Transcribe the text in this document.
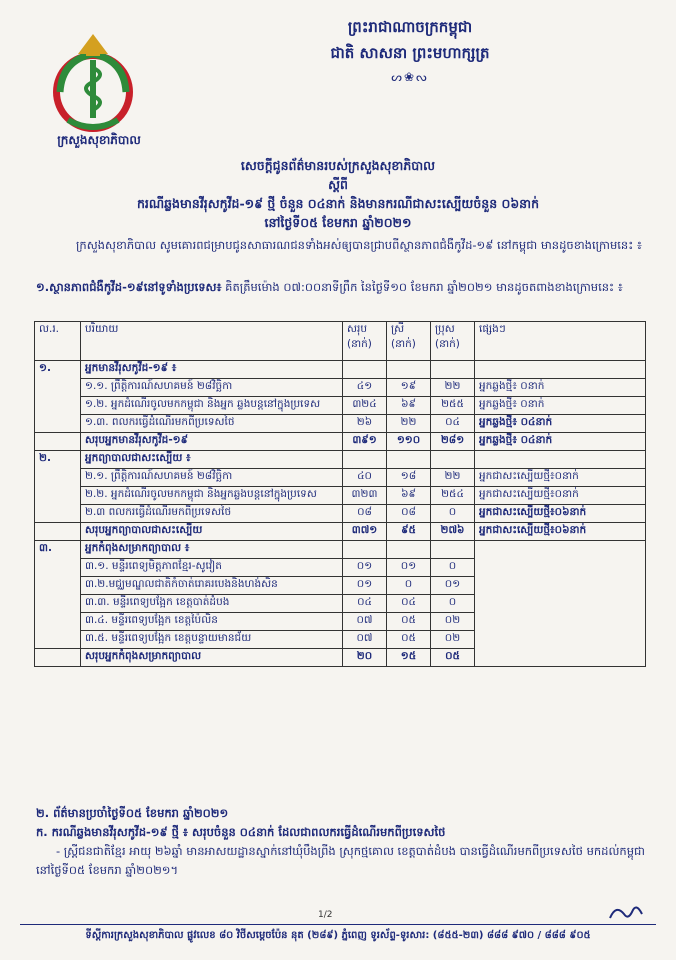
ក្រសួងសុខាភិបាល
ព្រះរាជាណាចក្រកម្ពុជា
ជាតិ សាសនា ព្រះមហាក្សត្រ
ᔕ❀ᔓ
សេចក្តីជូនព័ត៌មានរបស់ក្រសួងសុខាភិបាល
ស្តីពី
ករណីឆ្លងមានវីរុសកូវីដ-១៩ ថ្មី ចំនួន ០៤នាក់ និងមានករណីជាសះស្បើយចំនួន ០៦នាក់
នៅថ្ងៃទី០៥ ខែមករា ឆ្នាំ២០២១
ក្រសួងសុខាភិបាល សូមគោរពជម្រាបជូនសាធារណជនទាំងអស់ឲ្យបានជ្រាបពីស្ថានភាពជំងឺកូវីដ-១៩ នៅកម្ពុជា មានដូចខាងក្រោមនេះ ៖
១.ស្ថានភាពជំងឺកូវីដ-១៩នៅទូទាំងប្រទេស៖ គិតត្រឹមម៉ោង ០៧:០០នាទីព្រឹក នៃថ្ងៃទី១០ ខែមករា ឆ្នាំ២០២១ មានដូចតពាងខាងក្រោមនេះ ៖
ល.រ.	បរិយាយ	សរុប (នាក់)	ស្រី (នាក់)	ប្រុស (នាក់)	ផ្សេងៗ
១.	អ្នកមានវីរុសកូវីដ-១៩ ៖				
	១.១. ព្រឹត្តិការណ៍សហគមន៍ ២៨វិច្ឆិកា	៤១	១៩	២២	អ្នកឆ្លងថ្មី៖ ០នាក់
	១.២. អ្នកដំណើរចូលមកកម្ពុជា និងអ្នក ឆ្លងបន្តនៅក្នុងប្រទេស	៣២៤	៦៩	២៥៥	អ្នកឆ្លងថ្មី៖ ០នាក់
	១.៣. ពលករធ្វើដំណើរមកពីប្រទេសថៃ	២៦	២២	០៤	អ្នកឆ្លងថ្មី៖ ០៤នាក់
	សរុបអ្នកមានវីរុសកូវីដ-១៩	៣៩១	១១០	២៨១	អ្នកឆ្លងថ្មី៖ ០៤នាក់
២.	អ្នកព្យាបាលជាសះស្បើយ ៖				
	២.១. ព្រឹត្តិការណ៍សហគមន៍ ២៨វិច្ឆិកា	៤០	១៨	២២	អ្នកជាសះស្បើយថ្មី៖០នាក់
	២.២. អ្នកដំណើរចូលមកកម្ពុជា និងអ្នកឆ្លងបន្តនៅក្នុងប្រទេស	៣២៣	៦៩	២៥៤	អ្នកជាសះស្បើយថ្មី៖០នាក់
	២.៣ ពលករធ្វើដំណើរមកពីប្រទេសថៃ	០៨	០៨	០	អ្នកជាសះស្បើយថ្មី៖០៦នាក់
	សរុបអ្នកព្យាបាលជាសះស្បើយ	៣៧១	៩៥	២៧៦	អ្នកជាសះស្បើយថ្មី៖០៦នាក់
៣.	អ្នកកំពុងសម្រាកព្យាបាល ៖				
	៣.១. មន្ទីរពេទ្យមិត្តភាពខ្មែរ-សូវៀត	០១	០១	០	
	៣.២.មជ្ឈមណ្ឌលជាតិកំចាត់រោគរបេងនិងហង់សិន	០១	០	០១	
	៣.៣. មន្ទីរពេទ្យបង្អែក ខេត្តបាត់ដំបង	០៤	០៤	០	
	៣.៤. មន្ទីរពេទ្យបង្អែក ខេត្តប៉ៃលិន	០៧	០៥	០២	
	៣.៥. មន្ទីរពេទ្យបង្អែក ខេត្តបន្ទាយមានជ័យ	០៧	០៥	០២	
	សរុបអ្នកកំពុងសម្រាកព្យាបាល	២០	១៥	០៥	
២. ព័ត៌មានប្រចាំថ្ងៃទី០៥ ខែមករា ឆ្នាំ២០២១
ក. ករណីឆ្លងមានវីរុសកូវីដ-១៩ ថ្មី ៖ សរុបចំនួន ០៤នាក់ ដែលជាពលករធ្វើដំណើរមកពីប្រទេសថៃ
- ស្ត្រីជនជាតិខ្មែរ អាយុ ២៦ឆ្នាំ មានអាសយដ្ឋានស្នាក់នៅឃុំបឹងព្រីង ស្រុកថ្មគោល ខេត្តបាត់ដំបង បានធ្វើដំណើរមកពីប្រទេសថៃ មកដល់កម្ពុជានៅថ្ងៃទី០៥ ខែមករា ឆ្នាំ២០២១។
1/2
ទីស្តីការក្រសួងសុខាភិបាល ផ្លូវលេខ ៨០ វិថីសម្តេចប៉ែន នុត (២៨៩) ភ្នំពេញ ទូរស័ព្ទ-ទូរសារ: (៨៥៥-២៣) ៨៨៨ ៩៧០ / ៨៨៨ ៩០៥
